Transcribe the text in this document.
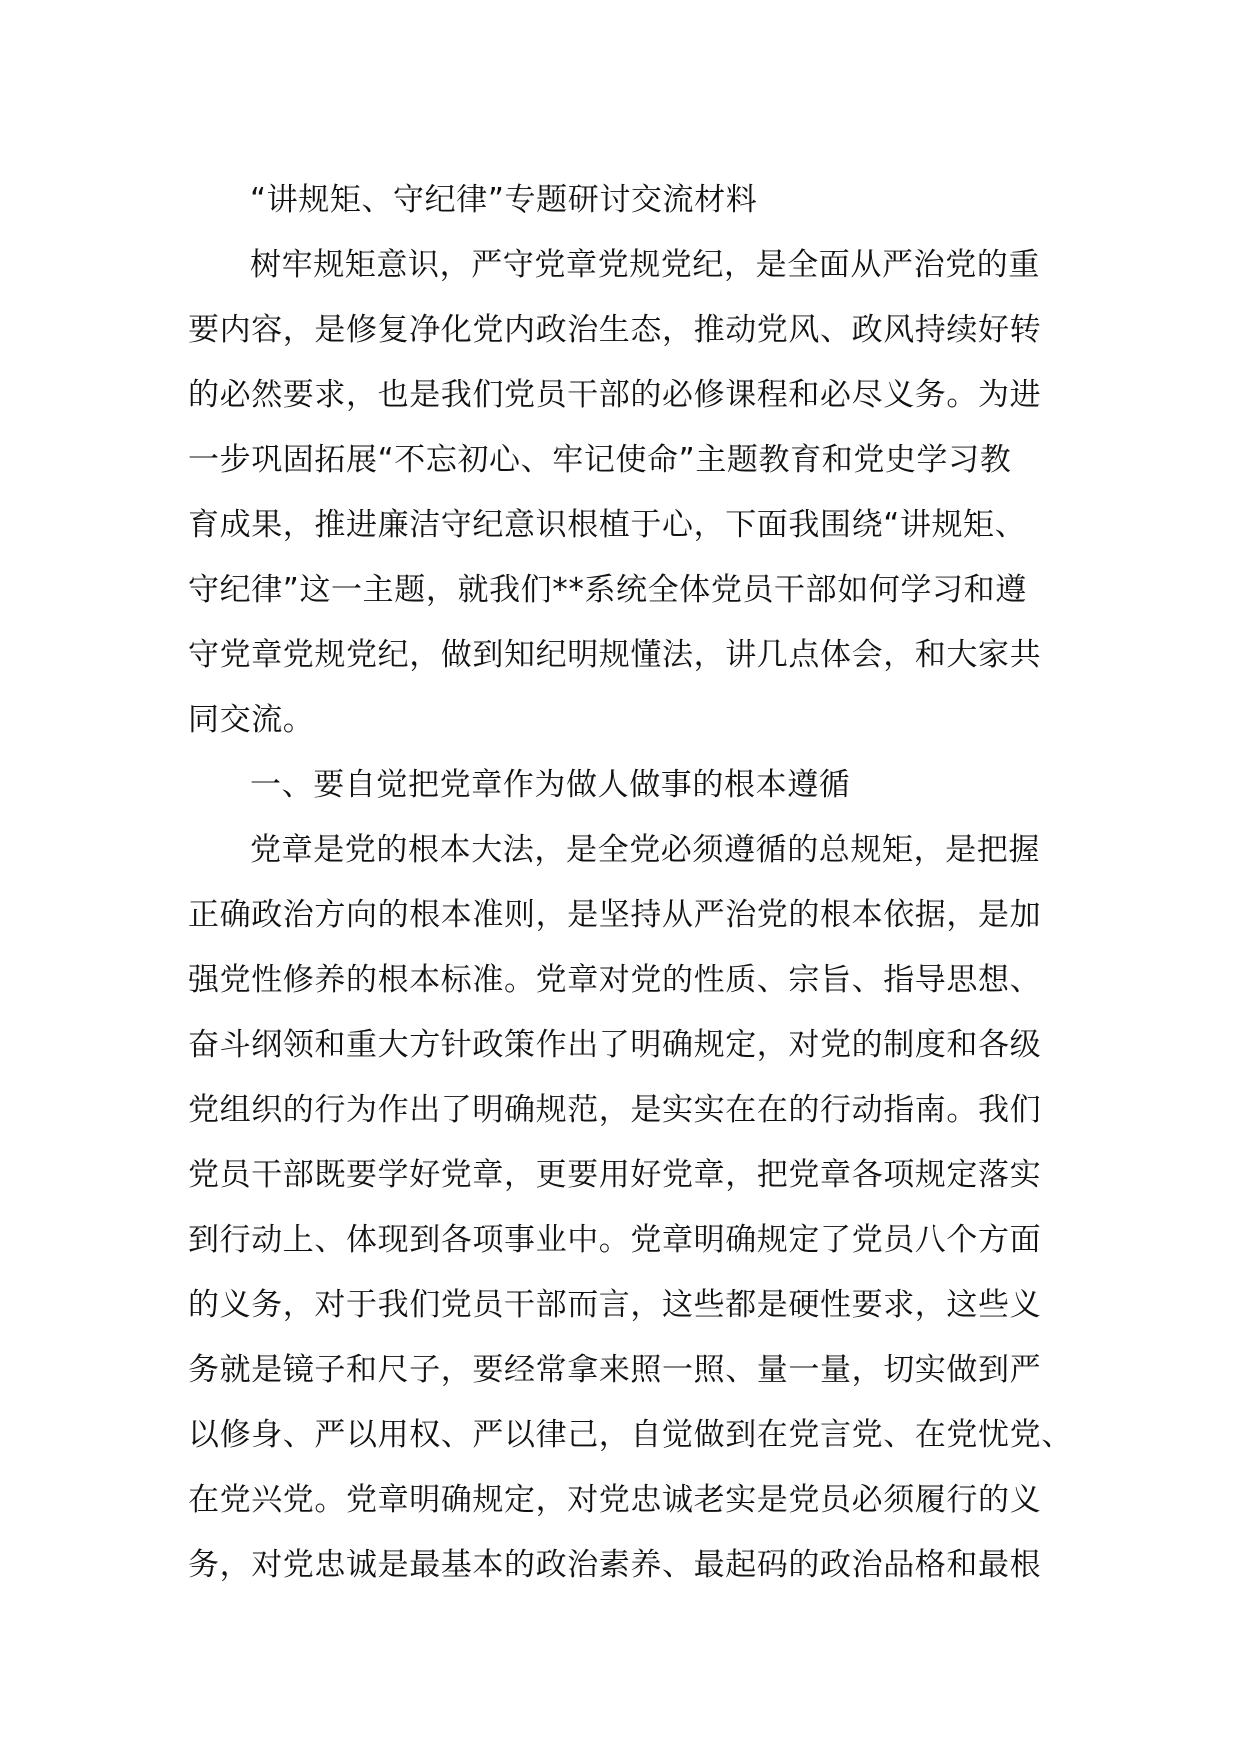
“讲规矩、守纪律”专题研讨交流材料
树牢规矩意识，严守党章党规党纪，是全面从严治党的重
要内容，是修复净化党内政治生态，推动党风、政风持续好转
的必然要求，也是我们党员干部的必修课程和必尽义务。为进
一步巩固拓展“不忘初心、牢记使命”主题教育和党史学习教
育成果，推进廉洁守纪意识根植于心，下面我围绕“讲规矩、
守纪律”这一主题，就我们**系统全体党员干部如何学习和遵
守党章党规党纪，做到知纪明规懂法，讲几点体会，和大家共
同交流。
一、要自觉把党章作为做人做事的根本遵循
党章是党的根本大法，是全党必须遵循的总规矩，是把握
正确政治方向的根本准则，是坚持从严治党的根本依据，是加
强党性修养的根本标准。党章对党的性质、宗旨、指导思想、
奋斗纲领和重大方针政策作出了明确规定，对党的制度和各级
党组织的行为作出了明确规范，是实实在在的行动指南。我们
党员干部既要学好党章，更要用好党章，把党章各项规定落实
到行动上、体现到各项事业中。党章明确规定了党员八个方面
的义务，对于我们党员干部而言，这些都是硬性要求，这些义
务就是镜子和尺子，要经常拿来照一照、量一量，切实做到严
以修身、严以用权、严以律己，自觉做到在党言党、在党忧党、
在党兴党。党章明确规定，对党忠诚老实是党员必须履行的义
务，对党忠诚是最基本的政治素养、最起码的政治品格和最根
